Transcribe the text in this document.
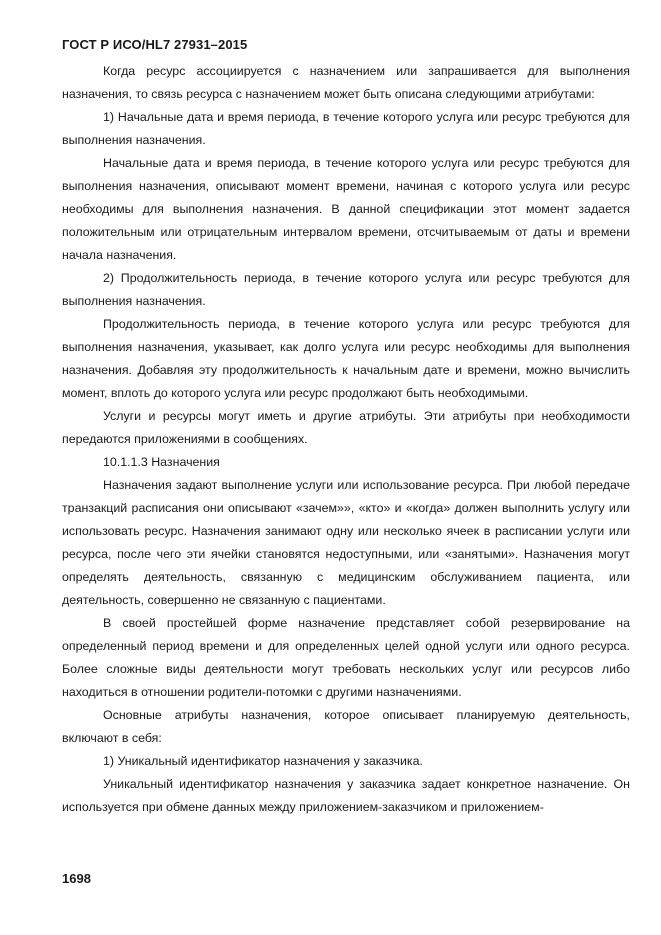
ГОСТ Р ИСО/HL7 27931–2015

Когда ресурс ассоциируется с назначением или запрашивается для выполнения назначения, то связь ресурса с назначением может быть описана следующими атрибутами:

1) Начальные дата и время периода, в течение которого услуга или ресурс требуются для выполнения назначения.

Начальные дата и время периода, в течение которого услуга или ресурс требуются для выполнения назначения, описывают момент времени, начиная с которого услуга или ресурс необходимы для выполнения назначения. В данной спецификации этот момент задается положительным или отрицательным интервалом времени, отсчитываемым от даты и времени начала назначения.

2) Продолжительность периода, в течение которого услуга или ресурс требуются для выполнения назначения.

Продолжительность периода, в течение которого услуга или ресурс требуются для выполнения назначения, указывает, как долго услуга или ресурс необходимы для выполнения назначения. Добавляя эту продолжительность к начальным дате и времени, можно вычислить момент, вплоть до которого услуга или ресурс продолжают быть необходимыми.

Услуги и ресурсы могут иметь и другие атрибуты. Эти атрибуты при необходимости передаются приложениями в сообщениях.

10.1.1.3 Назначения

Назначения задают выполнение услуги или использование ресурса. При любой передаче транзакций расписания они описывают «зачем»», «кто» и «когда» должен выполнить услугу или использовать ресурс. Назначения занимают одну или несколько ячеек в расписании услуги или ресурса, после чего эти ячейки становятся недоступными, или «занятыми». Назначения могут определять деятельность, связанную с медицинским обслуживанием пациента, или деятельность, совершенно не связанную с пациентами.

В своей простейшей форме назначение представляет собой резервирование на определенный период времени и для определенных целей одной услуги или одного ресурса. Более сложные виды деятельности могут требовать нескольких услуг или ресурсов либо находиться в отношении родители-потомки с другими назначениями.

Основные атрибуты назначения, которое описывает планируемую деятельность, включают в себя:

1) Уникальный идентификатор назначения у заказчика.

Уникальный идентификатор назначения у заказчика задает конкретное назначение. Он используется при обмене данных между приложением-заказчиком и приложением-

1698
